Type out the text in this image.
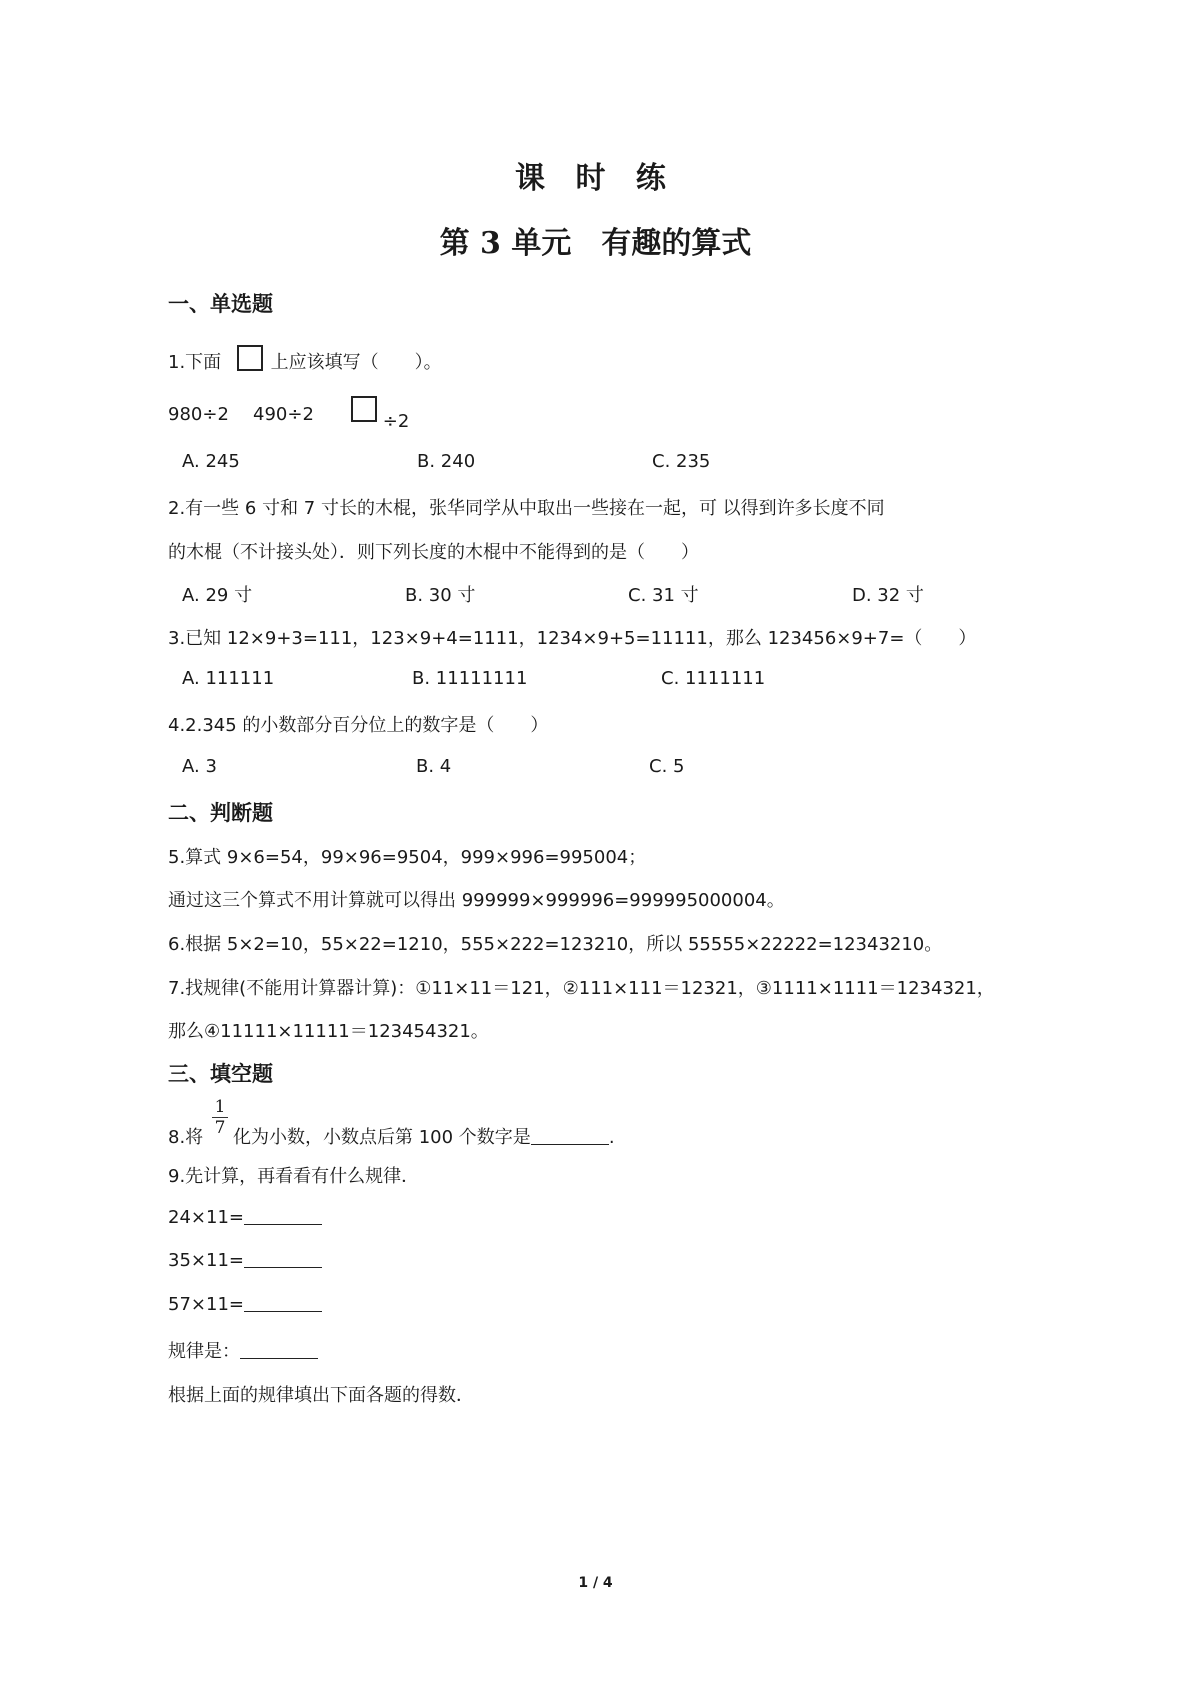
课 时 练
第 3 单元　有趣的算式
一、单选题
1.下面	上应该填写（　　）。
980÷2 490÷2	÷2
A. 245	B. 240	C. 235
2.有一些 6 寸和 7 寸长的木棍，张华同学从中取出一些接在一起，可 以得到许多长度不同
的木棍（不计接头处）．则下列长度的木棍中不能得到的是（　　）
A. 29 寸	B. 30 寸	C. 31 寸	D. 32 寸
3.已知 12×9+3=111，123×9+4=1111，1234×9+5=11111，那么 123456×9+7=（　　）
A. 111111	B. 11111111	C. 1111111
4.2.345 的小数部分百分位上的数字是（　　）
A. 3	B. 4	C. 5
二、判断题
5.算式 9×6=54，99×96=9504，999×996=995004；
通过这三个算式不用计算就可以得出 999999×999996=999995000004。
6.根据 5×2=10，55×22=1210，555×222=123210，所以 55555×22222=12343210。
7.找规律(不能用计算器计算)：①11×11＝121，②111×111＝12321，③1111×1111＝1234321，
那么④11111×11111＝123454321。
三、填空题
8.将
1
7 化为小数，小数点后第 100 个数字是	.
9.先计算，再看看有什么规律．
24×11=
35×11=
57×11=
规律是：
根据上面的规律填出下面各题的得数．
1 / 4
